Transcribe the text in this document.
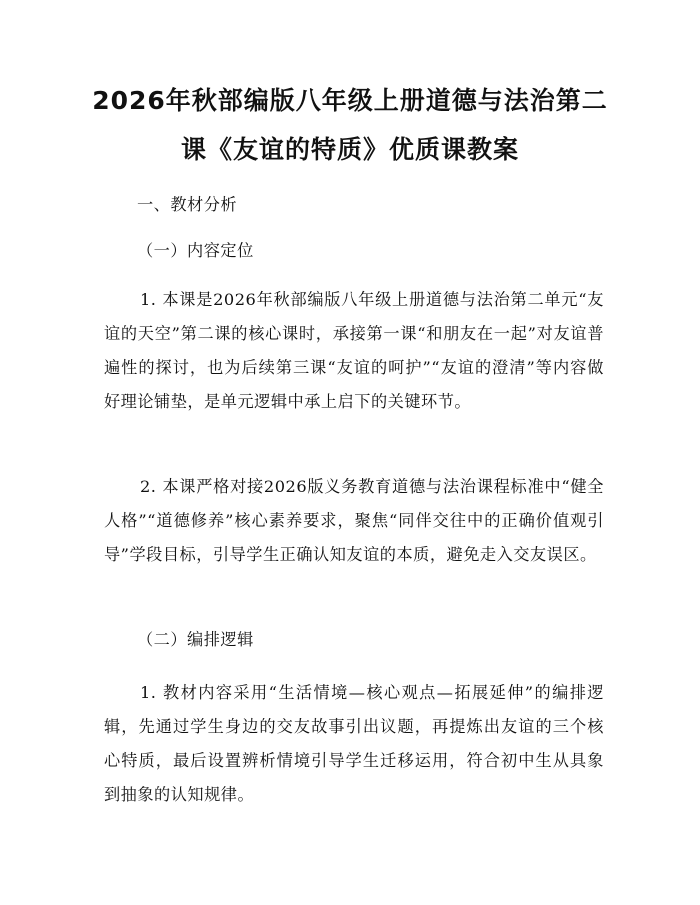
2026年秋部编版八年级上册道德与法治第二
课《友谊的特质》优质课教案
一、教材分析
（一）内容定位
1. 本课是2026年秋部编版八年级上册道德与法治第二单元“友谊的天空”第二课的核心课时，承接第一课“和朋友在一起”对友谊普遍性的探讨，也为后续第三课“友谊的呵护”“友谊的澄清”等内容做好理论铺垫，是单元逻辑中承上启下的关键环节。
2. 本课严格对接2026版义务教育道德与法治课程标准中“健全人格”“道德修养”核心素养要求，聚焦“同伴交往中的正确价值观引导”学段目标，引导学生正确认知友谊的本质，避免走入交友误区。
（二）编排逻辑
1. 教材内容采用“生活情境—核心观点—拓展延伸”的编排逻辑，先通过学生身边的交友故事引出议题，再提炼出友谊的三个核心特质，最后设置辨析情境引导学生迁移运用，符合初中生从具象到抽象的认知规律。
